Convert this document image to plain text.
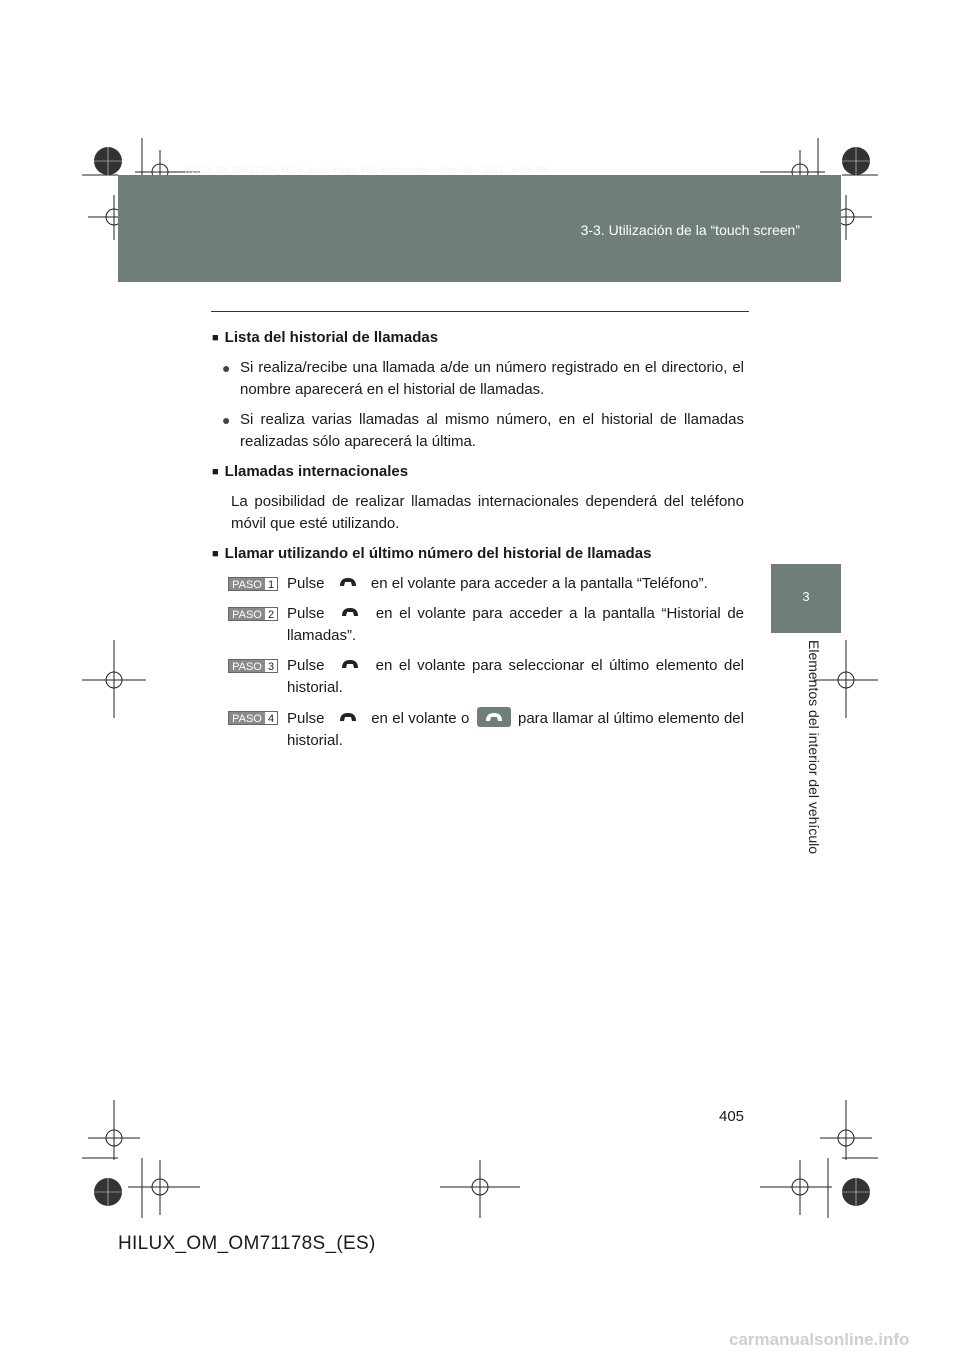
HILUX_OM_OM71178S_(ES).book Page 405 Wednesday, May 16, 2012 3:09 PM
3-3. Utilización de la “touch screen”
3
Elementos del interior del vehículo
■ Lista del historial de llamadas
● Si realiza/recibe una llamada a/de un número registrado en el directorio, el nombre aparecerá en el historial de llamadas.
● Si realiza varias llamadas al mismo número, en el historial de llamadas realizadas sólo aparecerá la última.
■ Llamadas internacionales
La posibilidad de realizar llamadas internacionales dependerá del teléfono móvil que esté utilizando.
■ Llamar utilizando el último número del historial de llamadas
PASO 1 Pulse	en el volante para acceder a la pantalla “Teléfono”.
PASO 2 Pulse	en el volante para acceder a la pantalla “Historial de llamadas”.
PASO 3 Pulse	en el volante para seleccionar el último elemento del historial.
PASO 4 Pulse	en el volante o	para llamar al último elemento del historial.
405
HILUX_OM_OM71178S_(ES)
carmanualsonline.info
